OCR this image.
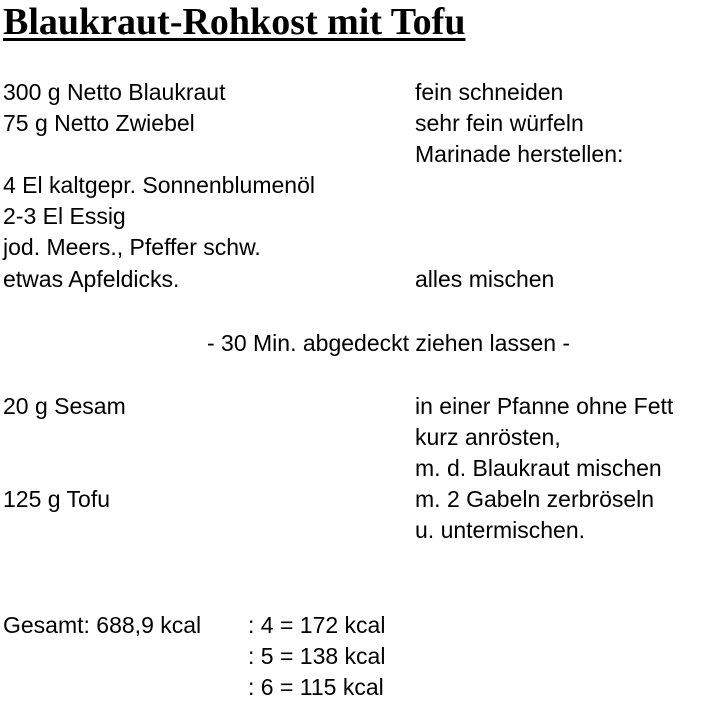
Blaukraut-Rohkost mit Tofu
300 g Netto Blaukraut	fein schneiden
75 g Netto Zwiebel	sehr fein würfeln
Marinade herstellen:
4 El kaltgepr. Sonnenblumenöl
2-3 El Essig
jod. Meers., Pfeffer schw.
etwas Apfeldicks.	alles mischen
- 30 Min. abgedeckt ziehen lassen -
20 g Sesam	in einer Pfanne ohne Fett
kurz anrösten,
m. d. Blaukraut mischen
125 g Tofu	m. 2 Gabeln zerbröseln
u. untermischen.
Gesamt: 688,9 kcal : 4 = 172 kcal
: 5 = 138 kcal
: 6 = 115 kcal
